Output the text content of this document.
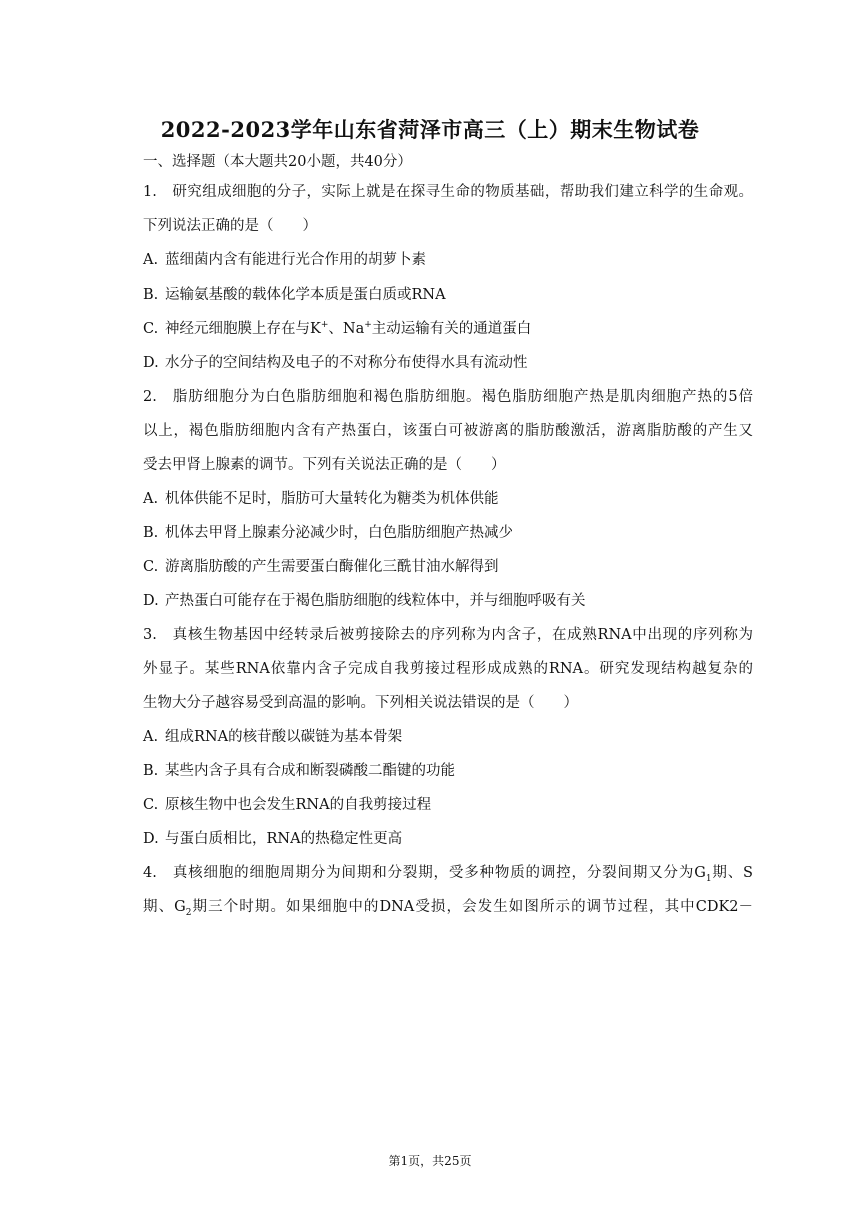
2022-2023学年山东省菏泽市高三（上）期末生物试卷
一、选择题（本大题共20小题，共40分）
1. 研究组成细胞的分子，实际上就是在探寻生命的物质基础，帮助我们建立科学的生命观。
下列说法正确的是（　　）
A. 蓝细菌内含有能进行光合作用的胡萝卜素
B. 运输氨基酸的载体化学本质是蛋白质或RNA
C. 神经元细胞膜上存在与K+、Na+主动运输有关的通道蛋白
D. 水分子的空间结构及电子的不对称分布使得水具有流动性
2. 脂肪细胞分为白色脂肪细胞和褐色脂肪细胞。褐色脂肪细胞产热是肌肉细胞产热的5倍
以上，褐色脂肪细胞内含有产热蛋白，该蛋白可被游离的脂肪酸激活，游离脂肪酸的产生又
受去甲肾上腺素的调节。下列有关说法正确的是（　　）
A. 机体供能不足时，脂肪可大量转化为糖类为机体供能
B. 机体去甲肾上腺素分泌减少时，白色脂肪细胞产热减少
C. 游离脂肪酸的产生需要蛋白酶催化三酰甘油水解得到
D. 产热蛋白可能存在于褐色脂肪细胞的线粒体中，并与细胞呼吸有关
3. 真核生物基因中经转录后被剪接除去的序列称为内含子，在成熟RNA中出现的序列称为
外显子。某些RNA依靠内含子完成自我剪接过程形成成熟的RNA。研究发现结构越复杂的
生物大分子越容易受到高温的影响。下列相关说法错误的是（　　）
A. 组成RNA的核苷酸以碳链为基本骨架
B. 某些内含子具有合成和断裂磷酸二酯键的功能
C. 原核生物中也会发生RNA的自我剪接过程
D. 与蛋白质相比，RNA的热稳定性更高
4. 真核细胞的细胞周期分为间期和分裂期，受多种物质的调控，分裂间期又分为$G_1$期、S
期、$G_2$期三个时期。如果细胞中的DNA受损，会发生如图所示的调节过程，其中CDK2－
第1页，共25页
